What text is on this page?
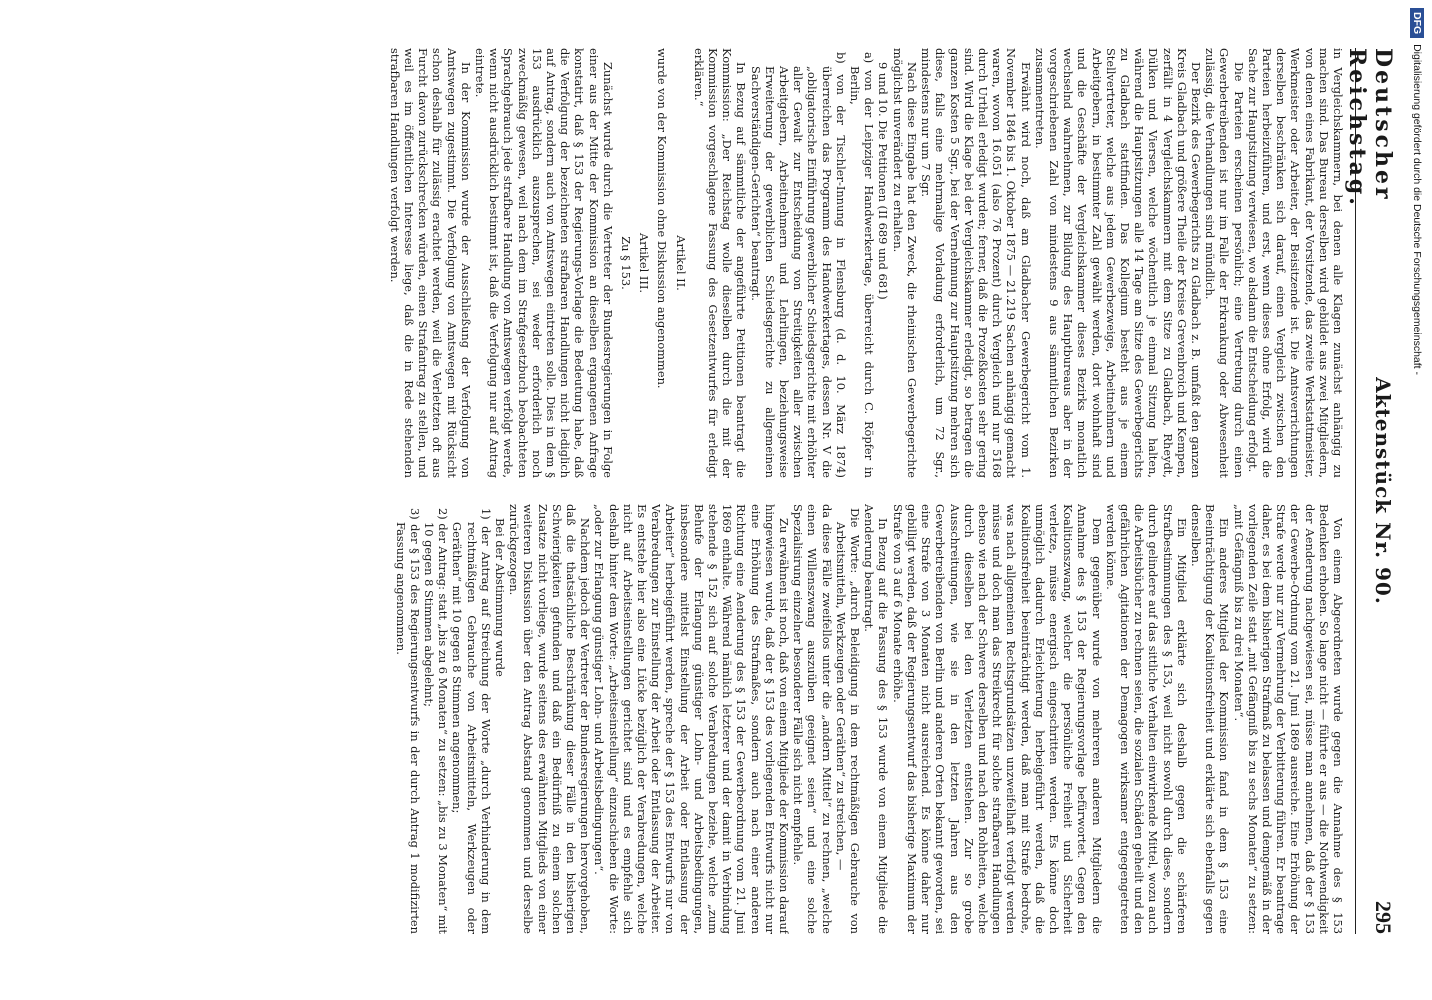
Deutscher Reichstag.
Aktenstück Nr. 90.
295

in Vergleichskammern, bei denen alle Klagen zunächst anhängig zu machen sind. Das Bureau derselben wird gebildet aus zwei Mitgliedern, von denen eines Fabrikant, der Vorsitzende, das zweite Werkstattmeister, Werkmeister oder Arbeiter, der Beisitzende ist. Die Amtsverrichtungen derselben beschränken sich darauf, einen Vergleich zwischen den Parteien herbeizuführen, und erst, wenn dieses ohne Erfolg, wird die Sache zur Hauptsitzung verwiesen, wo alsdann die Entscheidung erfolgt.

Die Parteien erscheinen persönlich; eine Vertretung durch einen Gewerbetreibenden ist nur im Falle der Erkrankung oder Abwesenheit zulässig, die Verhandlungen sind mündlich.

Der Bezirk des Gewerbegerichts zu Gladbach z. B. umfaßt den ganzen Kreis Gladbach und größere Theile der Kreise Grevenbroich und Kempen, zerfällt in 4 Vergleichskammern mit dem Sitze zu Gladbach, Rheydt, Dülken und Viersen, welche wöchentlich je einmal Sitzung halten, während die Hauptsitzungen alle 14 Tage am Sitze des Gewerbegerichts zu Gladbach stattfinden. Das Kollegium besteht aus je einem Stellvertreter, welche aus jedem Gewerbezweige, Arbeitnehmern und Arbeitgebern, in bestimmter Zahl gewählt werden, dort wohnhaft sind und die Geschäfte der Vergleichskammer dieses Bezirks monatlich wechselnd wahrnehmen, zur Bildung des Hauptbureaus aber in der vorgeschriebenen Zahl von mindestens 9 aus sämmtlichen Bezirken zusammentreten.

Erwähnt wird noch, daß am Gladbacher Gewerbegericht vom 1. November 1846 bis 1. Oktober 1875 — 21.219 Sachen anhängig gemacht waren, wovon 16.051 (also 76 Prozent) durch Vergleich und nur 5168 durch Urtheil erledigt wurden; ferner, daß die Prozeßkosten sehr gering sind. Wird die Klage bei der Vergleichskammer erledigt, so betragen die ganzen Kosten 5 Sgr., bei der Vernehmung zur Hauptsitzung mehren sich diese, falls eine mehrmalige Vorladung erforderlich, um 72 Sgr., mindestens nur um 7 Sgr.

Nach diese Eingabe hat den Zweck, die rheinischen Gewerbegerichte möglichst unverändert zu erhalten.

9 und 10. Die Petitionen (II 689 und 681)

a) von der Leipziger Handwerkertage, überreicht durch C. Röpfer in Berlin,

b) von der Tischler-Innung in Flensburg (d. d. 10. März 1874) überreichen das Programm des Handwerkertages, dessen Nr. V die „obligatorische Einführung gewerblicher Schiedsgerichte mit erhöhter aller Gewalt zur Entscheidung von Streitigkeiten aller zwischen Arbeitgebern, Arbeitnehmern und Lehrlingen, beziehungsweise Erweiterung der gewerblichen Schiedsgerichte zu allgemeinen Sachverständigen-Gerichten“ beantragt.

In Bezug auf sämmtliche der angeführte Petitionen beantragt die Kommission: „Der Reichstag wolle dieselben durch die mit der Kommission vorgeschlagene Fassung des Gesetzentwurfes für erledigt erklären.“

Artikel II.

wurde von der Kommission ohne Diskussion angenommen.

Artikel III.

Zu § 153.

Zunächst wurde durch die Vertreter der Bundesregierungen in Folge einer aus der Mitte der Kommission an dieselben ergangenen Anfrage konstatirt, daß § 153 der Regierungs-Vorlage die Bedeutung habe, daß die Verfolgung der bezeichneten strafbaren Handlungen nicht lediglich auf Antrag, sondern auch von Amtswegen eintreten solle. Dies in dem § 153 ausdrücklich auszusprechen, sei weder erforderlich noch zweckmäßig gewesen, weil nach dem im Strafgesetzbuch beobachteten Sprachgebrauch jede strafbare Handlung von Amtswegen verfolgt werde, wenn nicht ausdrücklich bestimmt ist, daß die Verfolgung nur auf Antrag eintrete.

In der Kommission wurde der Ausschließung der Verfolgung von Amtswegen zugestimmt. Die Verfolgung von Amtswegen mit Rücksicht schon deshalb für zulässig erachtet werden, weil die Verletzten oft aus Furcht davon zurückschrecken würden, einen Strafantrag zu stellen, und weil es im öffentlichen Interesse liege, daß die in Rede stehenden strafbaren Handlungen verfolgt werden.

Von einem Abgeordneten wurde gegen die Annahme des § 153 Bedenken erhoben. So lange nicht — führte er aus — die Nothwendigkeit der Aenderung nachgewiesen sei, müsse man annehmen, daß der § 153 der Gewerbe-Ordnung vom 21. Juni 1869 ausreiche. Eine Erhöhung der Strafe werde nur zur Vermehrung der Verbitterung führen. Er beantrage daher, es bei dem bisherigen Strafmaß zu belassen und demgemäß in der vorliegenden Zeile statt „mit Gefängniß bis zu sechs Monaten“ zu setzen: „mit Gefängniß bis zu drei Monaten“.

Ein anderes Mitglied der Kommission fand in dem § 153 eine Beeinträchtigung der Koalitionsfreiheit und erklärte sich ebenfalls gegen denselben.

Ein Mitglied erklärte sich deshalb gegen die schärferen Strafbestimmungen des § 153, weil nicht sowohl durch diese, sondern durch gelindere auf das sittliche Verhalten einwirkende Mittel, wozu auch die Arbeitsbücher zu rechnen seien, die sozialen Schäden geheilt und den gefährlichen Agitationen der Demagogen wirksamer entgegengetreten werden könne.

Dem gegenüber wurde von mehreren anderen Mitgliedern die Annahme des § 153 der Regierungsvorlage befürwortet. Gegen den Koalitionszwang, welcher die persönliche Freiheit und Sicherheit verletze, müsse energisch eingeschritten werden. Es könne doch unmöglich dadurch Erleichterung herbeigeführt werden, daß die Koalitionsfreiheit beeinträchtigt werden, daß man mit Strafe bedrohe, was nach allgemeinen Rechtsgrundsätzen unzweifelhaft verfolgt werden müsse und doch man das Streikrecht für solche strafbaren Handlungen ebenso wie nach der Schwere derselben und nach den Rohheiten, welche durch dieselben bei den Verletzten entstehen. Zur so grobe Ausschreitungen, wie sie in den letzten Jahren aus den Gewerbetreibenden von Berlin und anderen Orten bekannt geworden, sei eine Strafe von 3 Monaten nicht ausreichend. Es könne daher nur gebilligt werden, daß der Regierungsentwurf das bisherige Maximum der Strafe von 3 auf 6 Monate erhöhe.

In Bezug auf die Fassung des § 153 wurde von einem Mitgliede die Aenderung beantragt.

Die Worte: „durch Beleidigung in dem rechtmäßigen Gebrauche von Arbeitsmitteln, Werkzeugen oder Geräthen“ zu streichen, —

da diese Fälle zweifellos unter die „andern Mittel“ zu rechnen, „welche einen Willenszwang auszuüben geeignet seien“ und eine solche Spezialisirung einzelner besonderer Fälle sich nicht empfehle.

Zu erwähnen ist noch, daß von einem Mitgliede der Kommission darauf hingewiesen wurde, daß der § 153 des vorliegenden Entwurfs nicht nur eine Erhöhung des Strafmaßes, sondern auch nach einer anderen Richtung eine Aenderung des § 153 der Gewerbeordnung vom 21. Juni 1869 enthalte. Während nämlich letzterer und der damit in Verbindung stehende § 152 sich auf solche Verabredungen beziehe, welche „zum Behufe der Erlangung günstiger Lohn- und Arbeitsbedingungen, insbesondere mittelst Einstellung der Arbeit oder Entlassung der Arbeiter“ herbeigeführt werden, spreche der § 153 des Entwurfs nur von Verabredungen zur Einstellung der Arbeit oder Entlassung der Arbeiter. Es entstehe hier also eine Lücke bezüglich der Verabredungen, welche nicht auf Arbeitseinstellungen gerichtet sind und es empfehle sich deshalb hinter dem Worte: „Arbeitseinstellung“ einzuschieben die Worte: „oder zur Erlangung günstiger Lohn- und Arbeitsbedingungen“.

Nachdem jedoch der Vertreter der Bundesregierungen hervorgehoben, daß die thatsächliche Beschränkung dieser Fälle in den bisherigen Schwierigkeiten gefunden und daß ein Bedürfniß zu einem solchen Zusatze nicht vorliege, wurde seitens des erwähnten Mitglieds von einer weiteren Diskussion über den Antrag Abstand genommen und derselbe zurückgezogen.

Bei der Abstimmung wurde

1) der Antrag auf Streichung der Worte „durch Verhinderung in dem rechtmäßigen Gebrauche von Arbeitsmitteln, Werkzeugen oder Geräthen“ mit 10 gegen 8 Stimmen angenommen;

2) der Antrag: statt „bis zu 6 Monaten“ zu setzen: „bis zu 3 Monaten“ mit 10 gegen 8 Stimmen abgelehnt;

3) der § 153 des Regierungsentwurfs in der durch Antrag 1 modifizirten Fassung angenommen.

DFG Digitalisierung gefördert durch die Deutsche Forschungsgemeinschaft -
